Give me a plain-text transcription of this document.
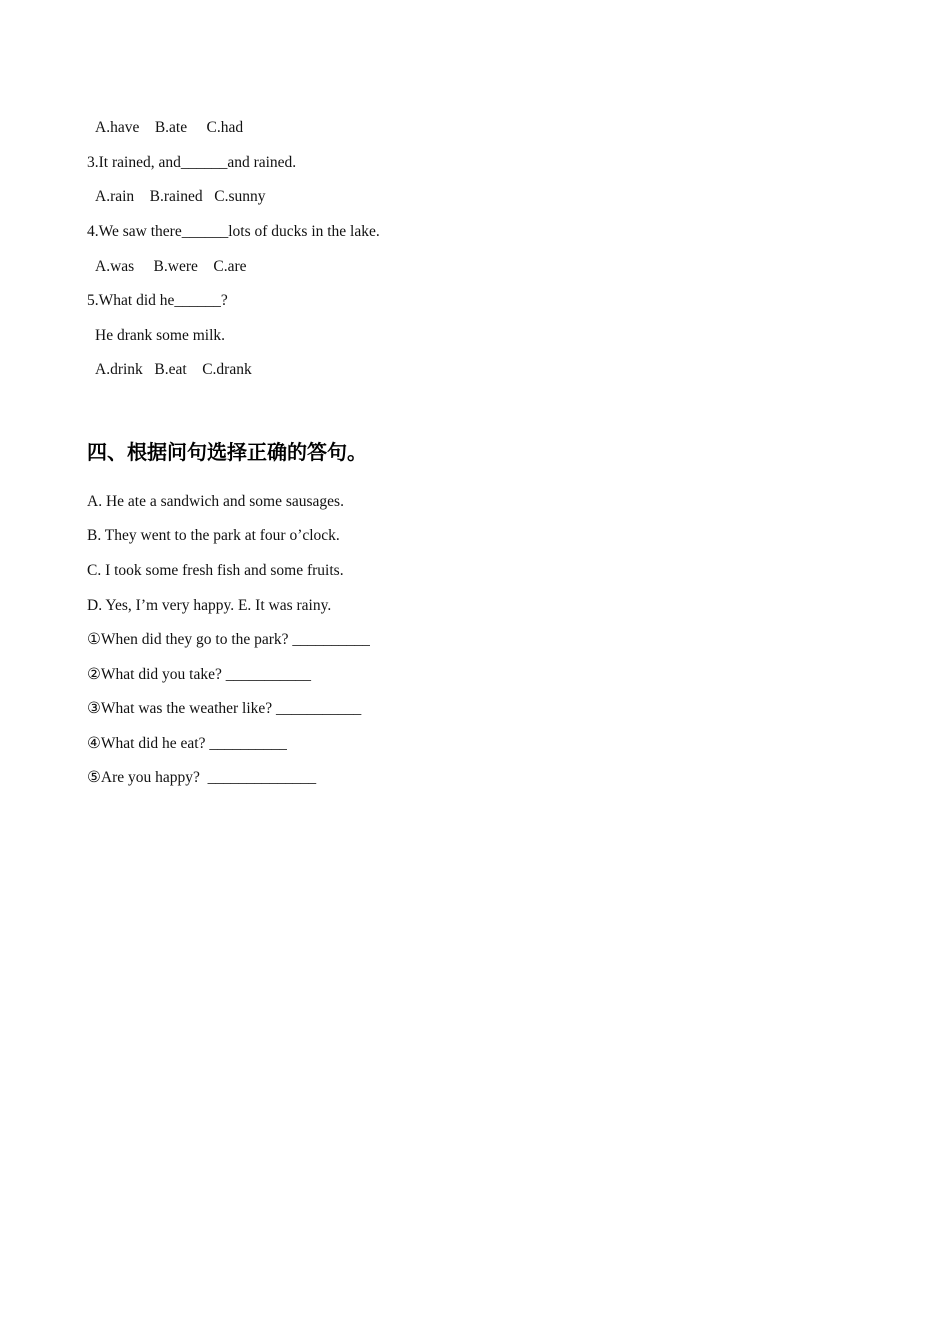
A.have    B.ate     C.had
3.It rained, and______and rained.
A.rain    B.rained   C.sunny
4.We saw there______lots of ducks in the lake.
A.was     B.were    C.are
5.What did he______?
He drank some milk.
A.drink   B.eat    C.drank
四、根据问句选择正确的答句。
A. He ate a sandwich and some sausages.
B. They went to the park at four o’clock.
C. I took some fresh fish and some fruits.
D. Yes, I’m very happy. E. It was rainy.
①When did they go to the park? __________
②What did you take? ___________
③What was the weather like? ___________
④What did he eat? __________
⑤Are you happy?  ______________
